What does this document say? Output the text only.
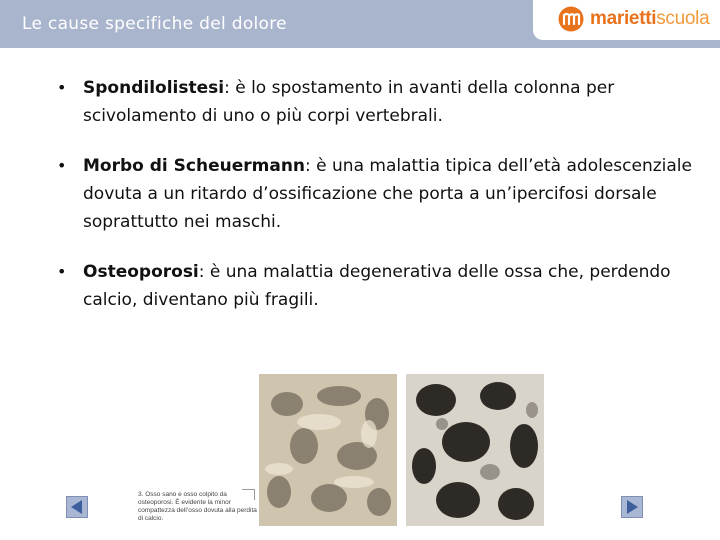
Le cause specifiche del dolore	mariettiscuola
• Spondilolistesi: è lo spostamento in avanti della colonna per scivolamento di uno o più corpi vertebrali.
• Morbo di Scheuermann: è una malattia tipica dell’età adolescenziale dovuta a un ritardo d’ossificazione che porta a un’ipercifosi dorsale soprattutto nei maschi.
• Osteoporosi: è una malattia degenerativa delle ossa che, perdendo calcio, diventano più fragili.
3. Osso sano e osso colpito da osteoporosi. È evidente la minor compattezza dell’osso dovuta alla perdita di calcio.
